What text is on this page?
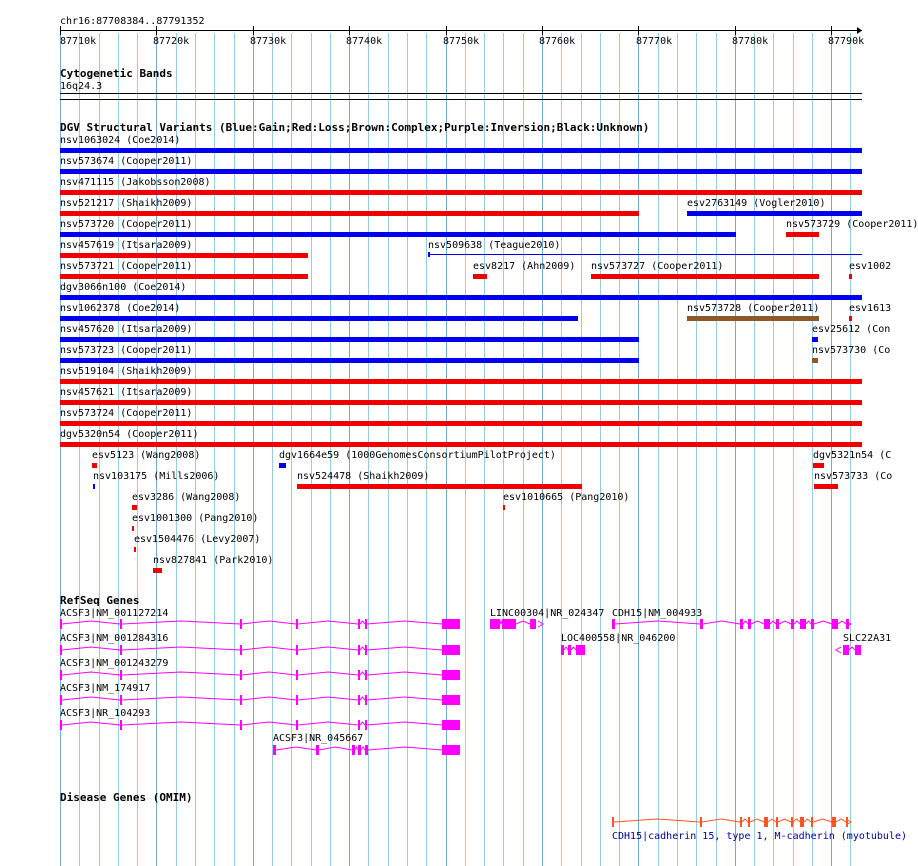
chr16:87708384..87791352
87710k	87720k	87730k	87740k	87750k	87760k	87770k	87780k	87790k
Cytogenetic Bands
16q24.3
DGV Structural Variants (Blue:Gain;Red:Loss;Brown:Complex;Purple:Inversion;Black:Unknown)
RefSeq Genes
Disease Genes (OMIM)
CDH15|cadherin 15, type 1, M-cadherin (myotubule)
nsv1063024 (Coe2014)
nsv573674 (Cooper2011)
nsv471115 (Jakobsson2008)
nsv521217 (Shaikh2009)	esv2763149 (Vogler2010)
nsv573720 (Cooper2011)	nsv573729 (Cooper2011)
nsv457619 (Itsara2009)	nsv509638 (Teague2010)
nsv573721 (Cooper2011)	esv8217 (Ahn2009) nsv573727 (Cooper2011)	esv1002
dgv3066n100 (Coe2014)
nsv1062378 (Coe2014)	nsv573728 (Cooper2011)	esv1613
nsv457620 (Itsara2009)	esv25612 (Con
nsv573723 (Cooper2011)	nsv573730 (Co
nsv519104 (Shaikh2009)
nsv457621 (Itsara2009)
nsv573724 (Cooper2011)
dgv5320n54 (Cooper2011)
esv5123 (Wang2008)	dgv1664e59 (1000GenomesConsortiumPilotProject)	dgv5321n54 (C
nsv103175 (Mills2006)	nsv524478 (Shaikh2009)	nsv573733 (Co
esv3286 (Wang2008)	esv1010665 (Pang2010)
esv1001300 (Pang2010)
esv1504476 (Levy2007)
nsv827841 (Park2010)
ACSF3|NM_001127214	LINC00304|NR_024347 CDH15|NM_004933
ACSF3|NM_001284316	LOC400558|NR_046200	SLC22A31
ACSF3|NM_001243279
ACSF3|NM_174917
ACSF3|NR_104293
ACSF3|NR_045667
